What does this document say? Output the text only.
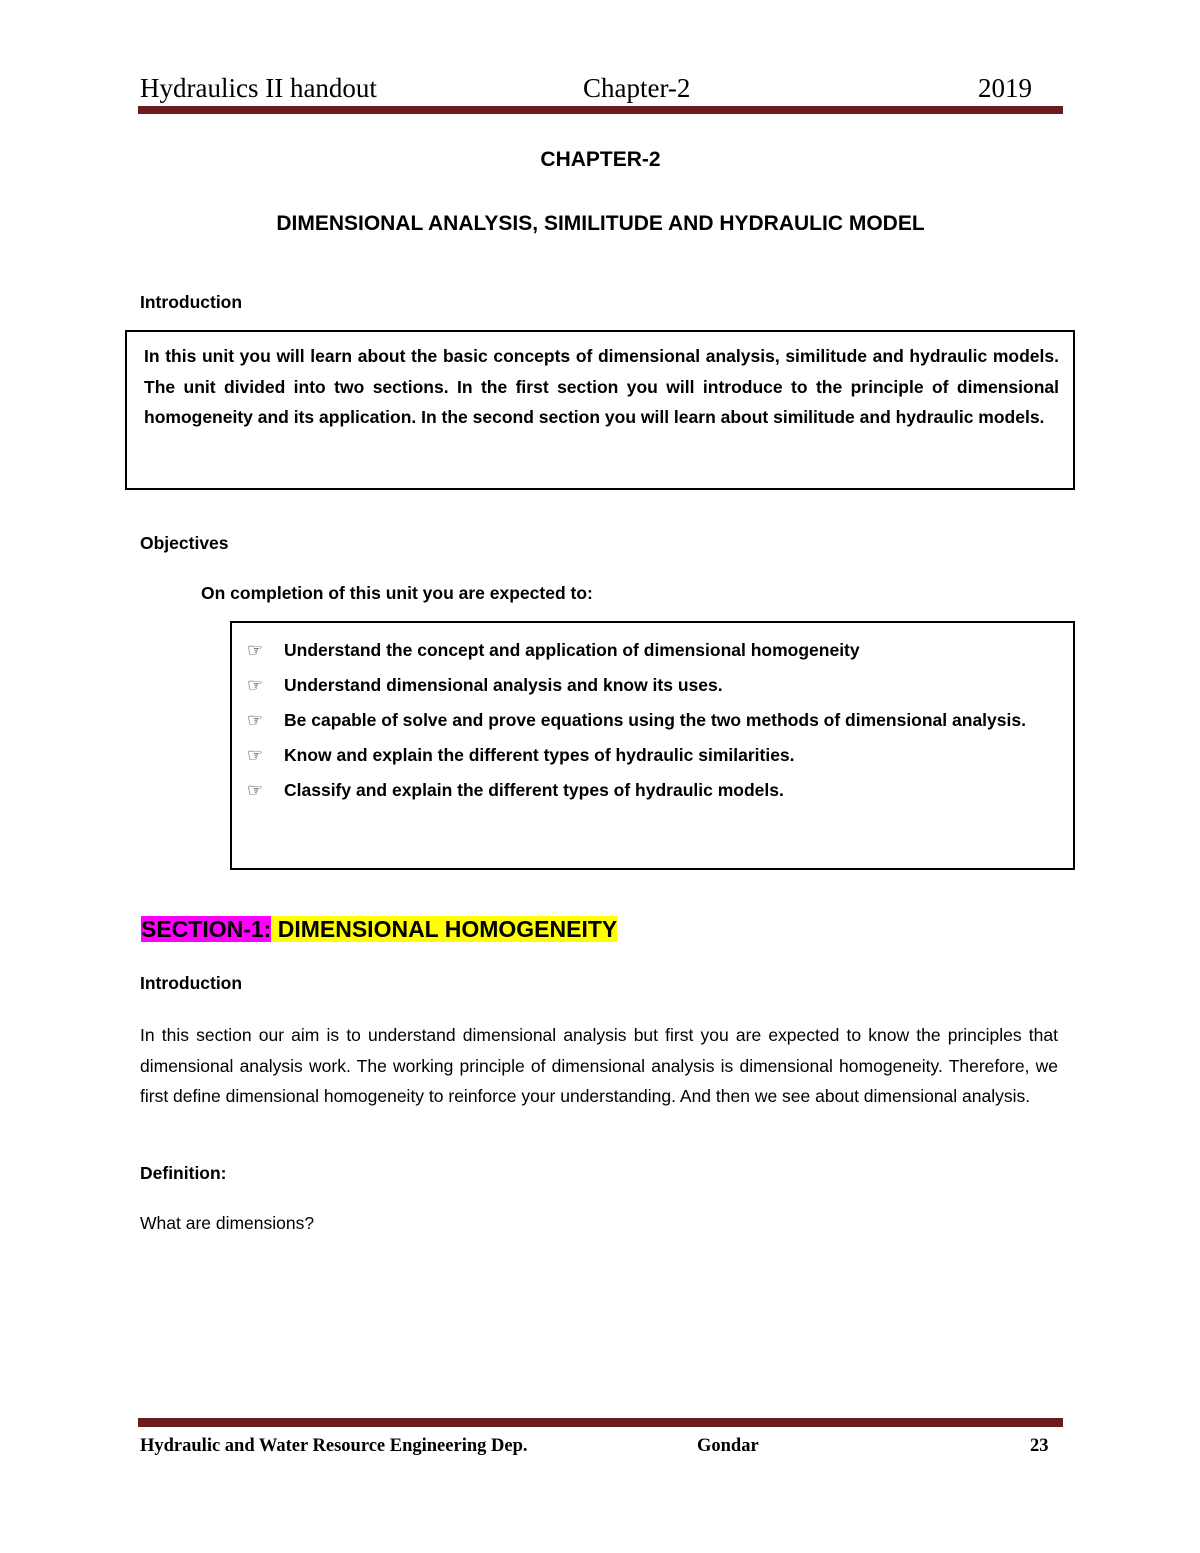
Hydraulics II handout	Chapter-2	2019
CHAPTER-2
DIMENSIONAL ANALYSIS, SIMILITUDE AND HYDRAULIC MODEL
Introduction
In this unit you will learn about the basic concepts of dimensional analysis, similitude and hydraulic models. The unit divided into two sections. In the first section you will introduce to the principle of dimensional homogeneity and its application. In the second section you will learn about similitude and hydraulic models.
Objectives
On completion of this unit you are expected to:
☞ Understand the concept and application of dimensional homogeneity
☞ Understand dimensional analysis and know its uses.
☞ Be capable of solve and prove equations using the two methods of dimensional analysis.
☞ Know and explain the different types of hydraulic similarities.
☞ Classify and explain the different types of hydraulic models.
SECTION-1: DIMENSIONAL HOMOGENEITY
Introduction
In this section our aim is to understand dimensional analysis but first you are expected to know the principles that dimensional analysis work. The working principle of dimensional analysis is dimensional homogeneity. Therefore, we first define dimensional homogeneity to reinforce your understanding. And then we see about dimensional analysis.
Definition:
What are dimensions?
Hydraulic and Water Resource Engineering Dep.	Gondar	23
